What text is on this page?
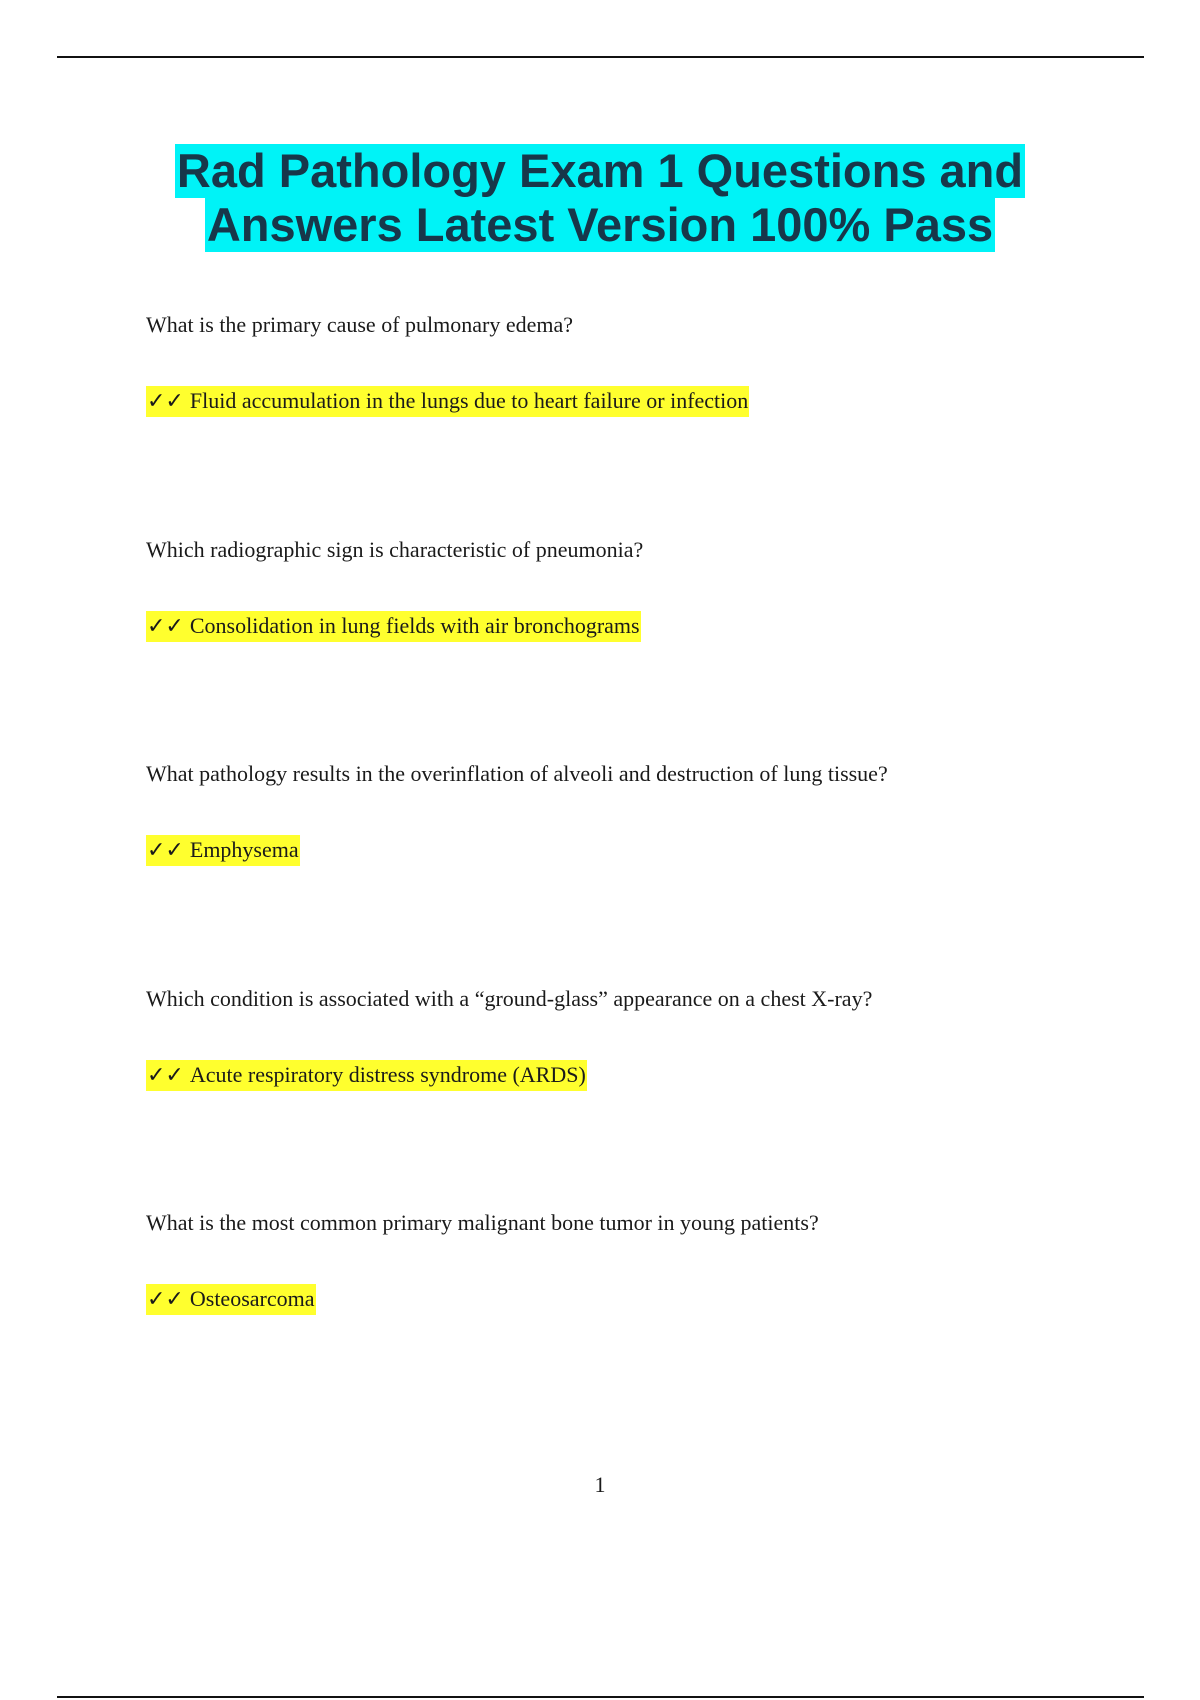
Rad Pathology Exam 1 Questions and
Answers Latest Version 100% Pass

What is the primary cause of pulmonary edema?

✓✓ Fluid accumulation in the lungs due to heart failure or infection

Which radiographic sign is characteristic of pneumonia?

✓✓ Consolidation in lung fields with air bronchograms

What pathology results in the overinflation of alveoli and destruction of lung tissue?

✓✓ Emphysema

Which condition is associated with a “ground-glass” appearance on a chest X-ray?

✓✓ Acute respiratory distress syndrome (ARDS)

What is the most common primary malignant bone tumor in young patients?

✓✓ Osteosarcoma
1
